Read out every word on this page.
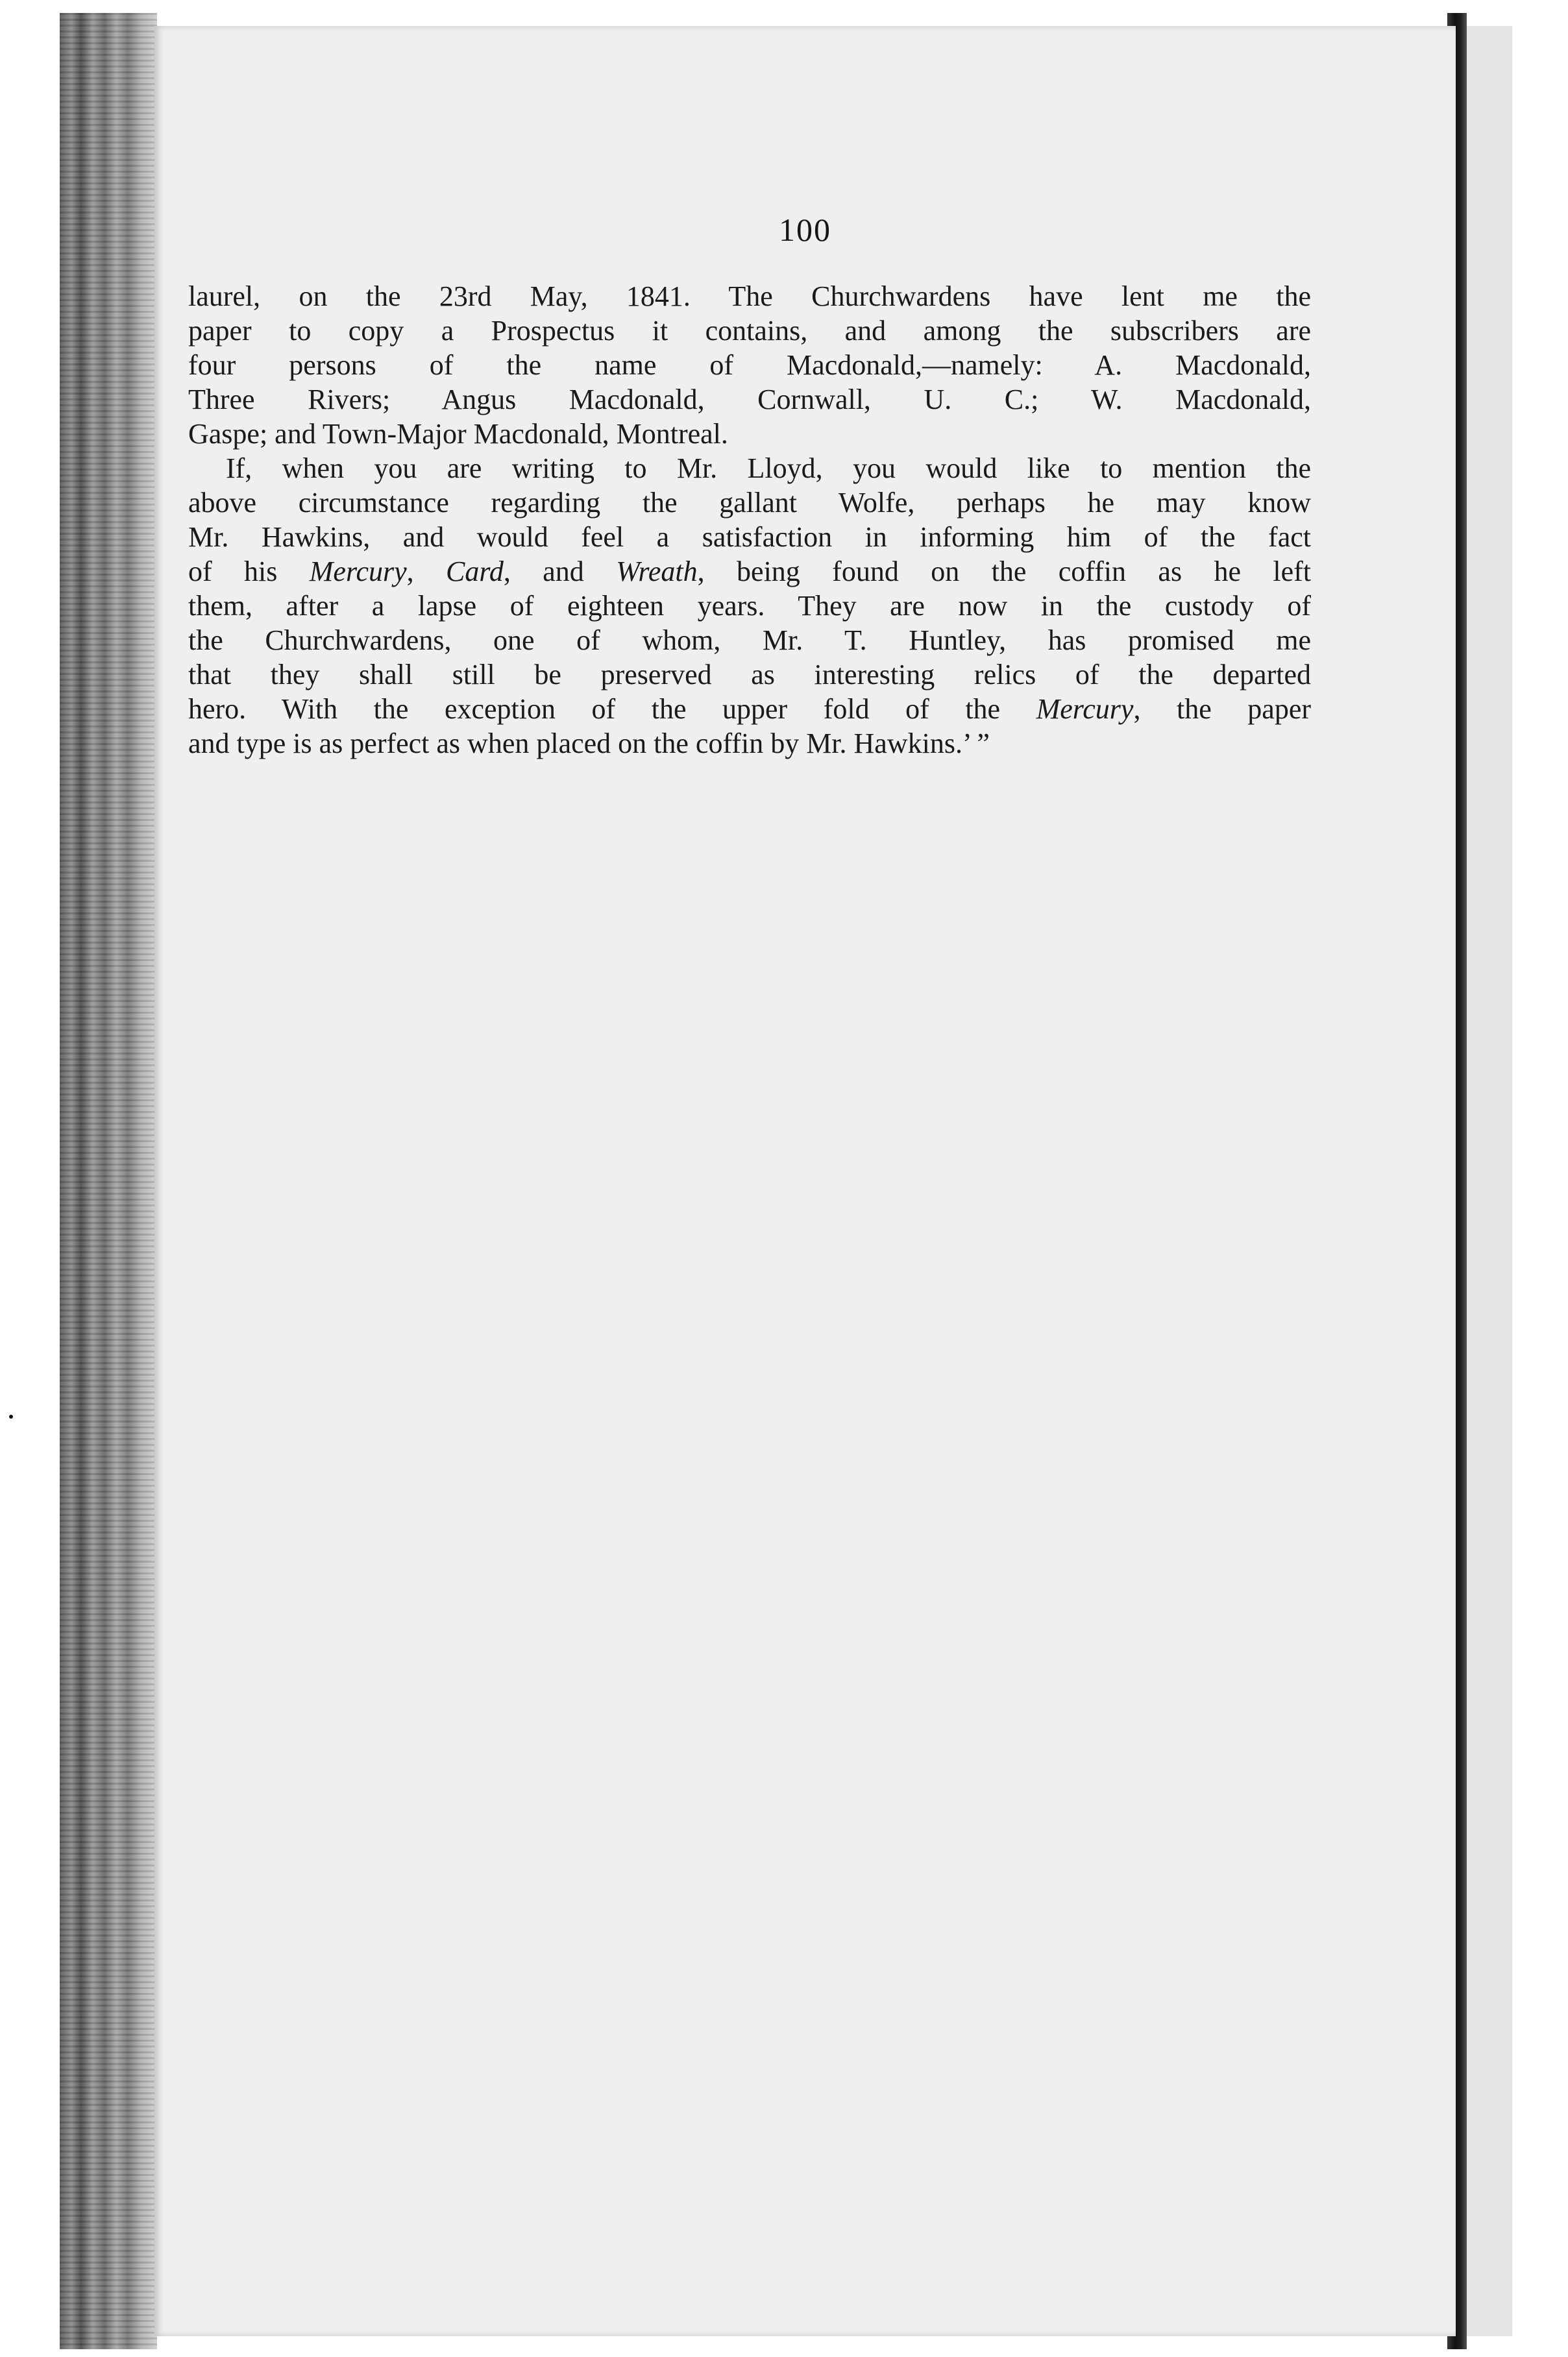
100
laurel, on the 23rd May, 1841. The Churchwardens have lent me the
paper to copy a Prospectus it contains, and among the subscribers are
four persons of the name of Macdonald,—namely: A. Macdonald,
Three Rivers; Angus Macdonald, Cornwall, U. C.; W. Macdonald,
Gaspe; and Town-Major Macdonald, Montreal.
If, when you are writing to Mr. Lloyd, you would like to mention the
above circumstance regarding the gallant Wolfe, perhaps he may know
Mr. Hawkins, and would feel a satisfaction in informing him of the fact
of his Mercury, Card, and Wreath, being found on the coffin as he left
them, after a lapse of eighteen years. They are now in the custody of
the Churchwardens, one of whom, Mr. T. Huntley, has promised me
that they shall still be preserved as interesting relics of the departed
hero. With the exception of the upper fold of the Mercury, the paper
and type is as perfect as when placed on the coffin by Mr. Hawkins.’ ”
